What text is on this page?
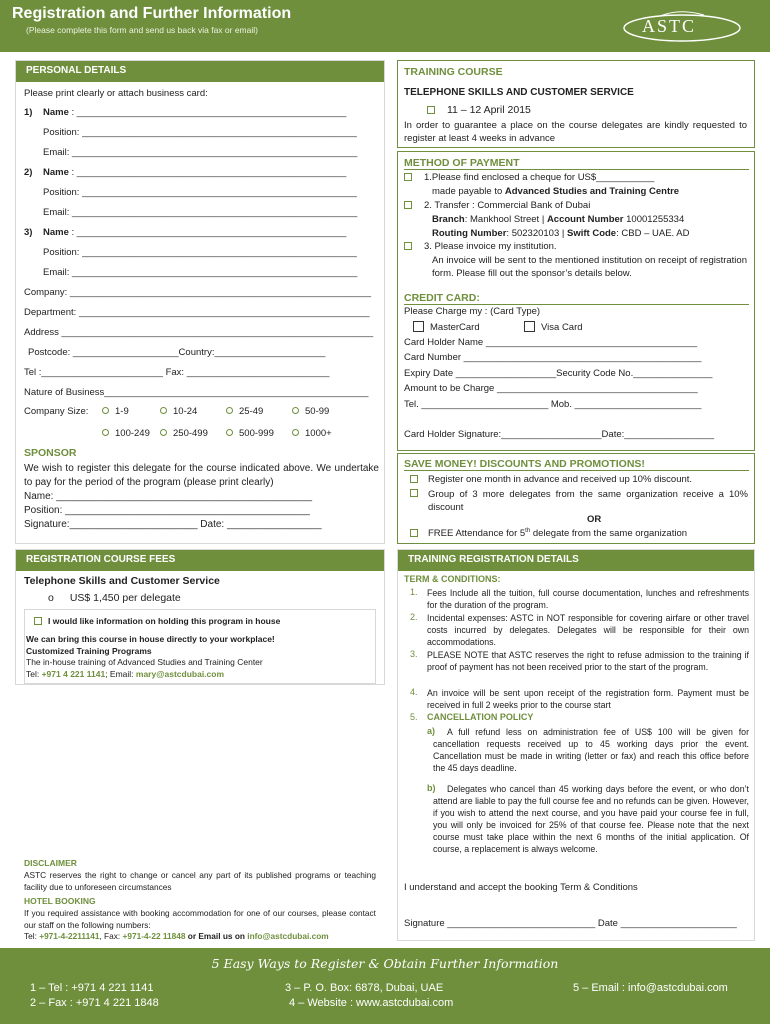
Registration and Further Information
(Please complete this form and send us back via fax or email)	ASTC
PERSONAL DETAILS
Please print clearly or attach business card:
1) Name : ___________________________________________________
Position: ____________________________________________________
Email: ______________________________________________________
2) Name : ___________________________________________________
Position: ____________________________________________________
Email: ______________________________________________________
3) Name : ___________________________________________________
Position: ____________________________________________________
Email: ______________________________________________________
Company: _________________________________________________________
Department: _______________________________________________________
Address ___________________________________________________________
Postcode: ____________________Country:_____________________
Tel :_______________________ Fax: ___________________________
Nature of Business__________________________________________________
Company Size:	1-9	10-24	25-49	50-99
100-249	250-499	500-999	1000+
SPONSOR
We wish to register this delegate for the course indicated above. We undertake to pay for the period of the program (please print clearly)
Name: ______________________________________________
Position: ____________________________________________
Signature:_______________________ Date: _________________
REGISTRATION COURSE FEES
Telephone Skills and Customer Service
o US$ 1,450 per delegate
I would like information on holding this program in house
We can bring this course in house directly to your workplace!
Customized Training Programs
The in-house training of Advanced Studies and Training Center
Tel: +971 4 221 1141; Email: mary@astcdubai.com
DISCLAIMER
ASTC reserves the right to change or cancel any part of its published programs or teaching facility due to unforeseen circumstances
HOTEL BOOKING
If you required assistance with booking accommodation for one of our courses, please contact our staff on the following numbers:
Tel: +971-4-2211141, Fax: +971-4-22 11848 or Email us on info@astcdubai.com
TRAINING COURSE
TELEPHONE SKILLS AND CUSTOMER SERVICE
11 – 12 April 2015
In order to guarantee a place on the course delegates are kindly requested to register at least 4 weeks in advance
METHOD OF PAYMENT
1.Please find enclosed a cheque for US$___________
made payable to Advanced Studies and Training Centre
2. Transfer : Commercial Bank of Dubai
Branch: Mankhool Street | Account Number 10001255334
Routing Number: 502320103 | Swift Code: CBD – UAE. AD
3. Please invoice my institution.
An invoice will be sent to the mentioned institution on receipt of registration form. Please fill out the sponsor’s details below.
CREDIT CARD:
Please Charge my : (Card Type)
MasterCard	Visa Card
Card Holder Name ________________________________________
Card Number _____________________________________________
Expiry Date ___________________Security Code No._______________
Amount to be Charge ______________________________________
Tel. ________________________ Mob. ________________________
Card Holder Signature:___________________Date:_________________
SAVE MONEY! DISCOUNTS AND PROMOTIONS!
Register one month in advance and received up 10% discount.
Group of 3 more delegates from the same organization receive a 10% discount
OR
FREE Attendance for 5th delegate from the same organization
TRAINING REGISTRATION DETAILS
TERM & CONDITIONS:
1. Fees Include all the tuition, full course documentation, lunches and refreshments for the duration of the program.
2. Incidental expenses: ASTC in NOT responsible for covering airfare or other travel costs incurred by delegates. Delegates will be responsible for their own accommodations.
3. PLEASE NOTE that ASTC reserves the right to refuse admission to the training if proof of payment has not been received prior to the start of the program.
4. An invoice will be sent upon receipt of the registration form. Payment must be received in full 2 weeks prior to the course start
5. CANCELLATION POLICY
a)	A full refund less on administration fee of US$ 100 will be given for cancellation requests received up to 45 working days prior the event. Cancellation must be made in writing (letter or fax) and reach this office before the 45 days deadline.
b)	Delegates who cancel than 45 working days before the event, or who don’t attend are liable to pay the full course fee and no refunds can be given. However, if you wish to attend the next course, and you have paid your course fee in full, you will only be invoiced for 25% of that course fee. Please note that the next course must take place within the next 6 months of the initial application. Of course, a replacement is always welcome.
I understand and accept the booking Term & Conditions
Signature ____________________________ Date ______________________
5 Easy Ways to Register & Obtain Further Information
1 – Tel : +971 4 221 1141
2 – Fax : +971 4 221 1848
3 – P. O. Box: 6878, Dubai, UAE
4 – Website : www.astcdubai.com
5 – Email : info@astcdubai.com
